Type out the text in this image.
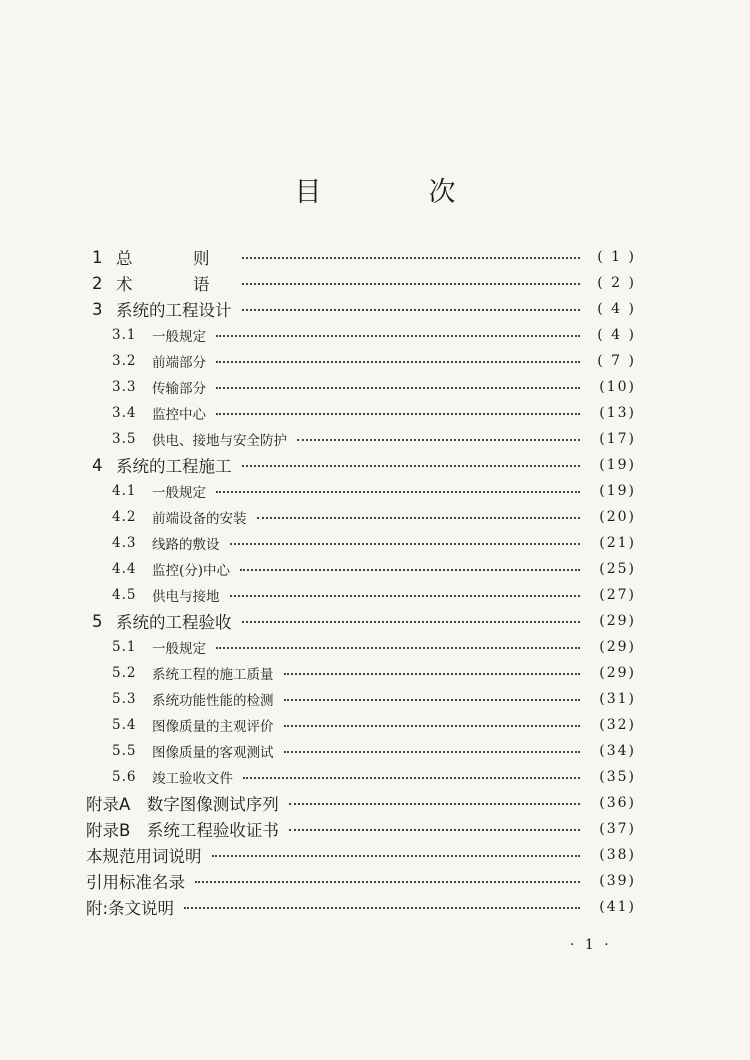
目　次
1 总　则	( 1 )
2 术　语	( 2 )
3 系统的工程设计	( 4 )
3.1	一般规定	( 4 )
3.2	前端部分	( 7 )
3.3	传输部分	(10)
3.4	监控中心	(13)
3.5	供电、接地与安全防护	(17)
4 系统的工程施工	(19)
4.1	一般规定	(19)
4.2	前端设备的安装	(20)
4.3	线路的敷设	(21)
4.4	监控(分)中心	(25)
4.5	供电与接地	(27)
5 系统的工程验收	(29)
5.1	一般规定	(29)
5.2	系统工程的施工质量	(29)
5.3	系统功能性能的检测	(31)
5.4	图像质量的主观评价	(32)
5.5	图像质量的客观测试	(34)
5.6	竣工验收文件	(35)
附录A　数字图像测试序列	(36)
附录B　系统工程验收证书	(37)
本规范用词说明	(38)
引用标准名录	(39)
附:条文说明	(41)
· 1 ·
